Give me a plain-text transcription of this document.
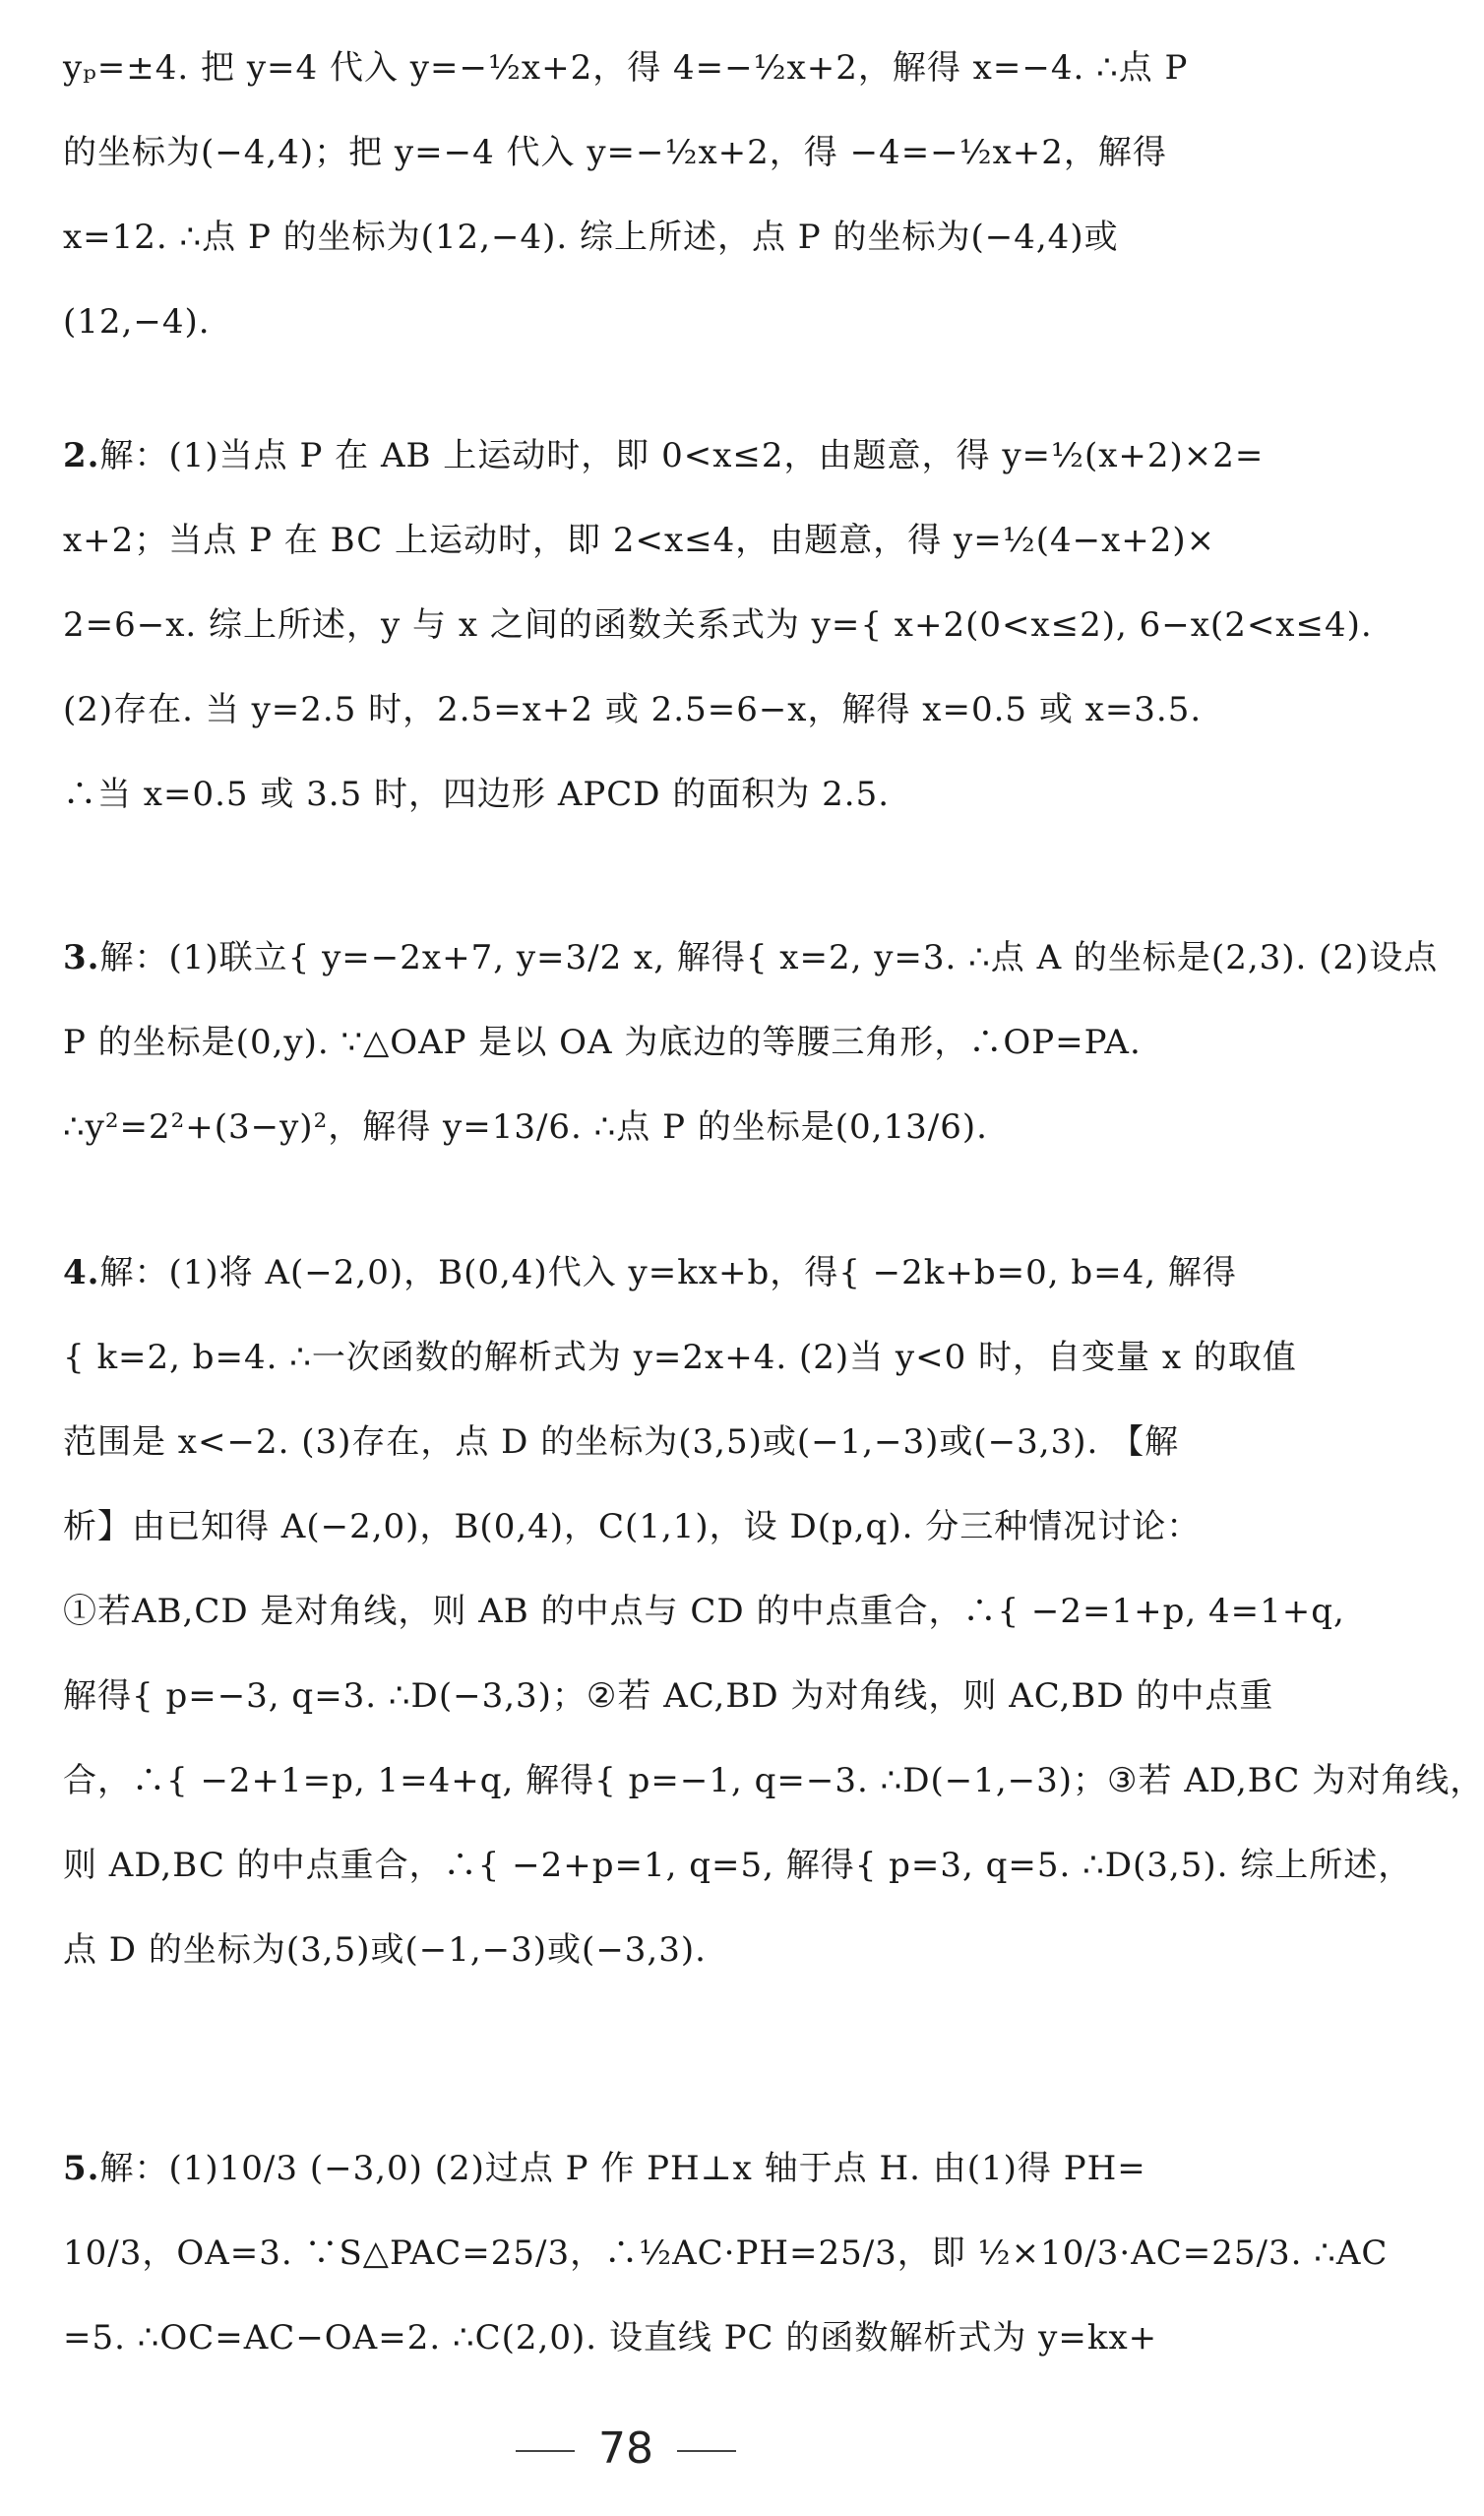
yₚ=±4. 把 y=4 代入 y=−½x+2，得 4=−½x+2，解得 x=−4. ∴点 P
的坐标为(−4,4)；把 y=−4 代入 y=−½x+2，得 −4=−½x+2，解得
x=12. ∴点 P 的坐标为(12,−4). 综上所述，点 P 的坐标为(−4,4)或
(12,−4).
2.解：(1)当点 P 在 AB 上运动时，即 0<x≤2，由题意，得 y=½(x+2)×2=
x+2；当点 P 在 BC 上运动时，即 2<x≤4，由题意，得 y=½(4−x+2)×
2=6−x. 综上所述，y 与 x 之间的函数关系式为 y={ x+2(0<x≤2), 6−x(2<x≤4).
(2)存在. 当 y=2.5 时，2.5=x+2 或 2.5=6−x，解得 x=0.5 或 x=3.5.
∴当 x=0.5 或 3.5 时，四边形 APCD 的面积为 2.5.
3.解：(1)联立{ y=−2x+7, y=3/2 x, 解得{ x=2, y=3. ∴点 A 的坐标是(2,3). (2)设点
P 的坐标是(0,y). ∵△OAP 是以 OA 为底边的等腰三角形，∴OP=PA.
∴y²=2²+(3−y)²，解得 y=13/6. ∴点 P 的坐标是(0,13/6).
4.解：(1)将 A(−2,0)，B(0,4)代入 y=kx+b，得{ −2k+b=0, b=4, 解得
{ k=2, b=4. ∴一次函数的解析式为 y=2x+4. (2)当 y<0 时，自变量 x 的取值
范围是 x<−2. (3)存在，点 D 的坐标为(3,5)或(−1,−3)或(−3,3). 【解
析】由已知得 A(−2,0)，B(0,4)，C(1,1)，设 D(p,q). 分三种情况讨论：
①若AB,CD 是对角线，则 AB 的中点与 CD 的中点重合，∴{ −2=1+p, 4=1+q,
解得{ p=−3, q=3. ∴D(−3,3)；②若 AC,BD 为对角线，则 AC,BD 的中点重
合，∴{ −2+1=p, 1=4+q, 解得{ p=−1, q=−3. ∴D(−1,−3)；③若 AD,BC 为对角线，
则 AD,BC 的中点重合，∴{ −2+p=1, q=5, 解得{ p=3, q=5. ∴D(3,5). 综上所述，
点 D 的坐标为(3,5)或(−1,−3)或(−3,3).
5.解：(1)10/3 (−3,0) (2)过点 P 作 PH⊥x 轴于点 H. 由(1)得 PH=
10/3，OA=3. ∵S△PAC=25/3，∴½AC·PH=25/3，即 ½×10/3·AC=25/3. ∴AC
=5. ∴OC=AC−OA=2. ∴C(2,0). 设直线 PC 的函数解析式为 y=kx+
78
